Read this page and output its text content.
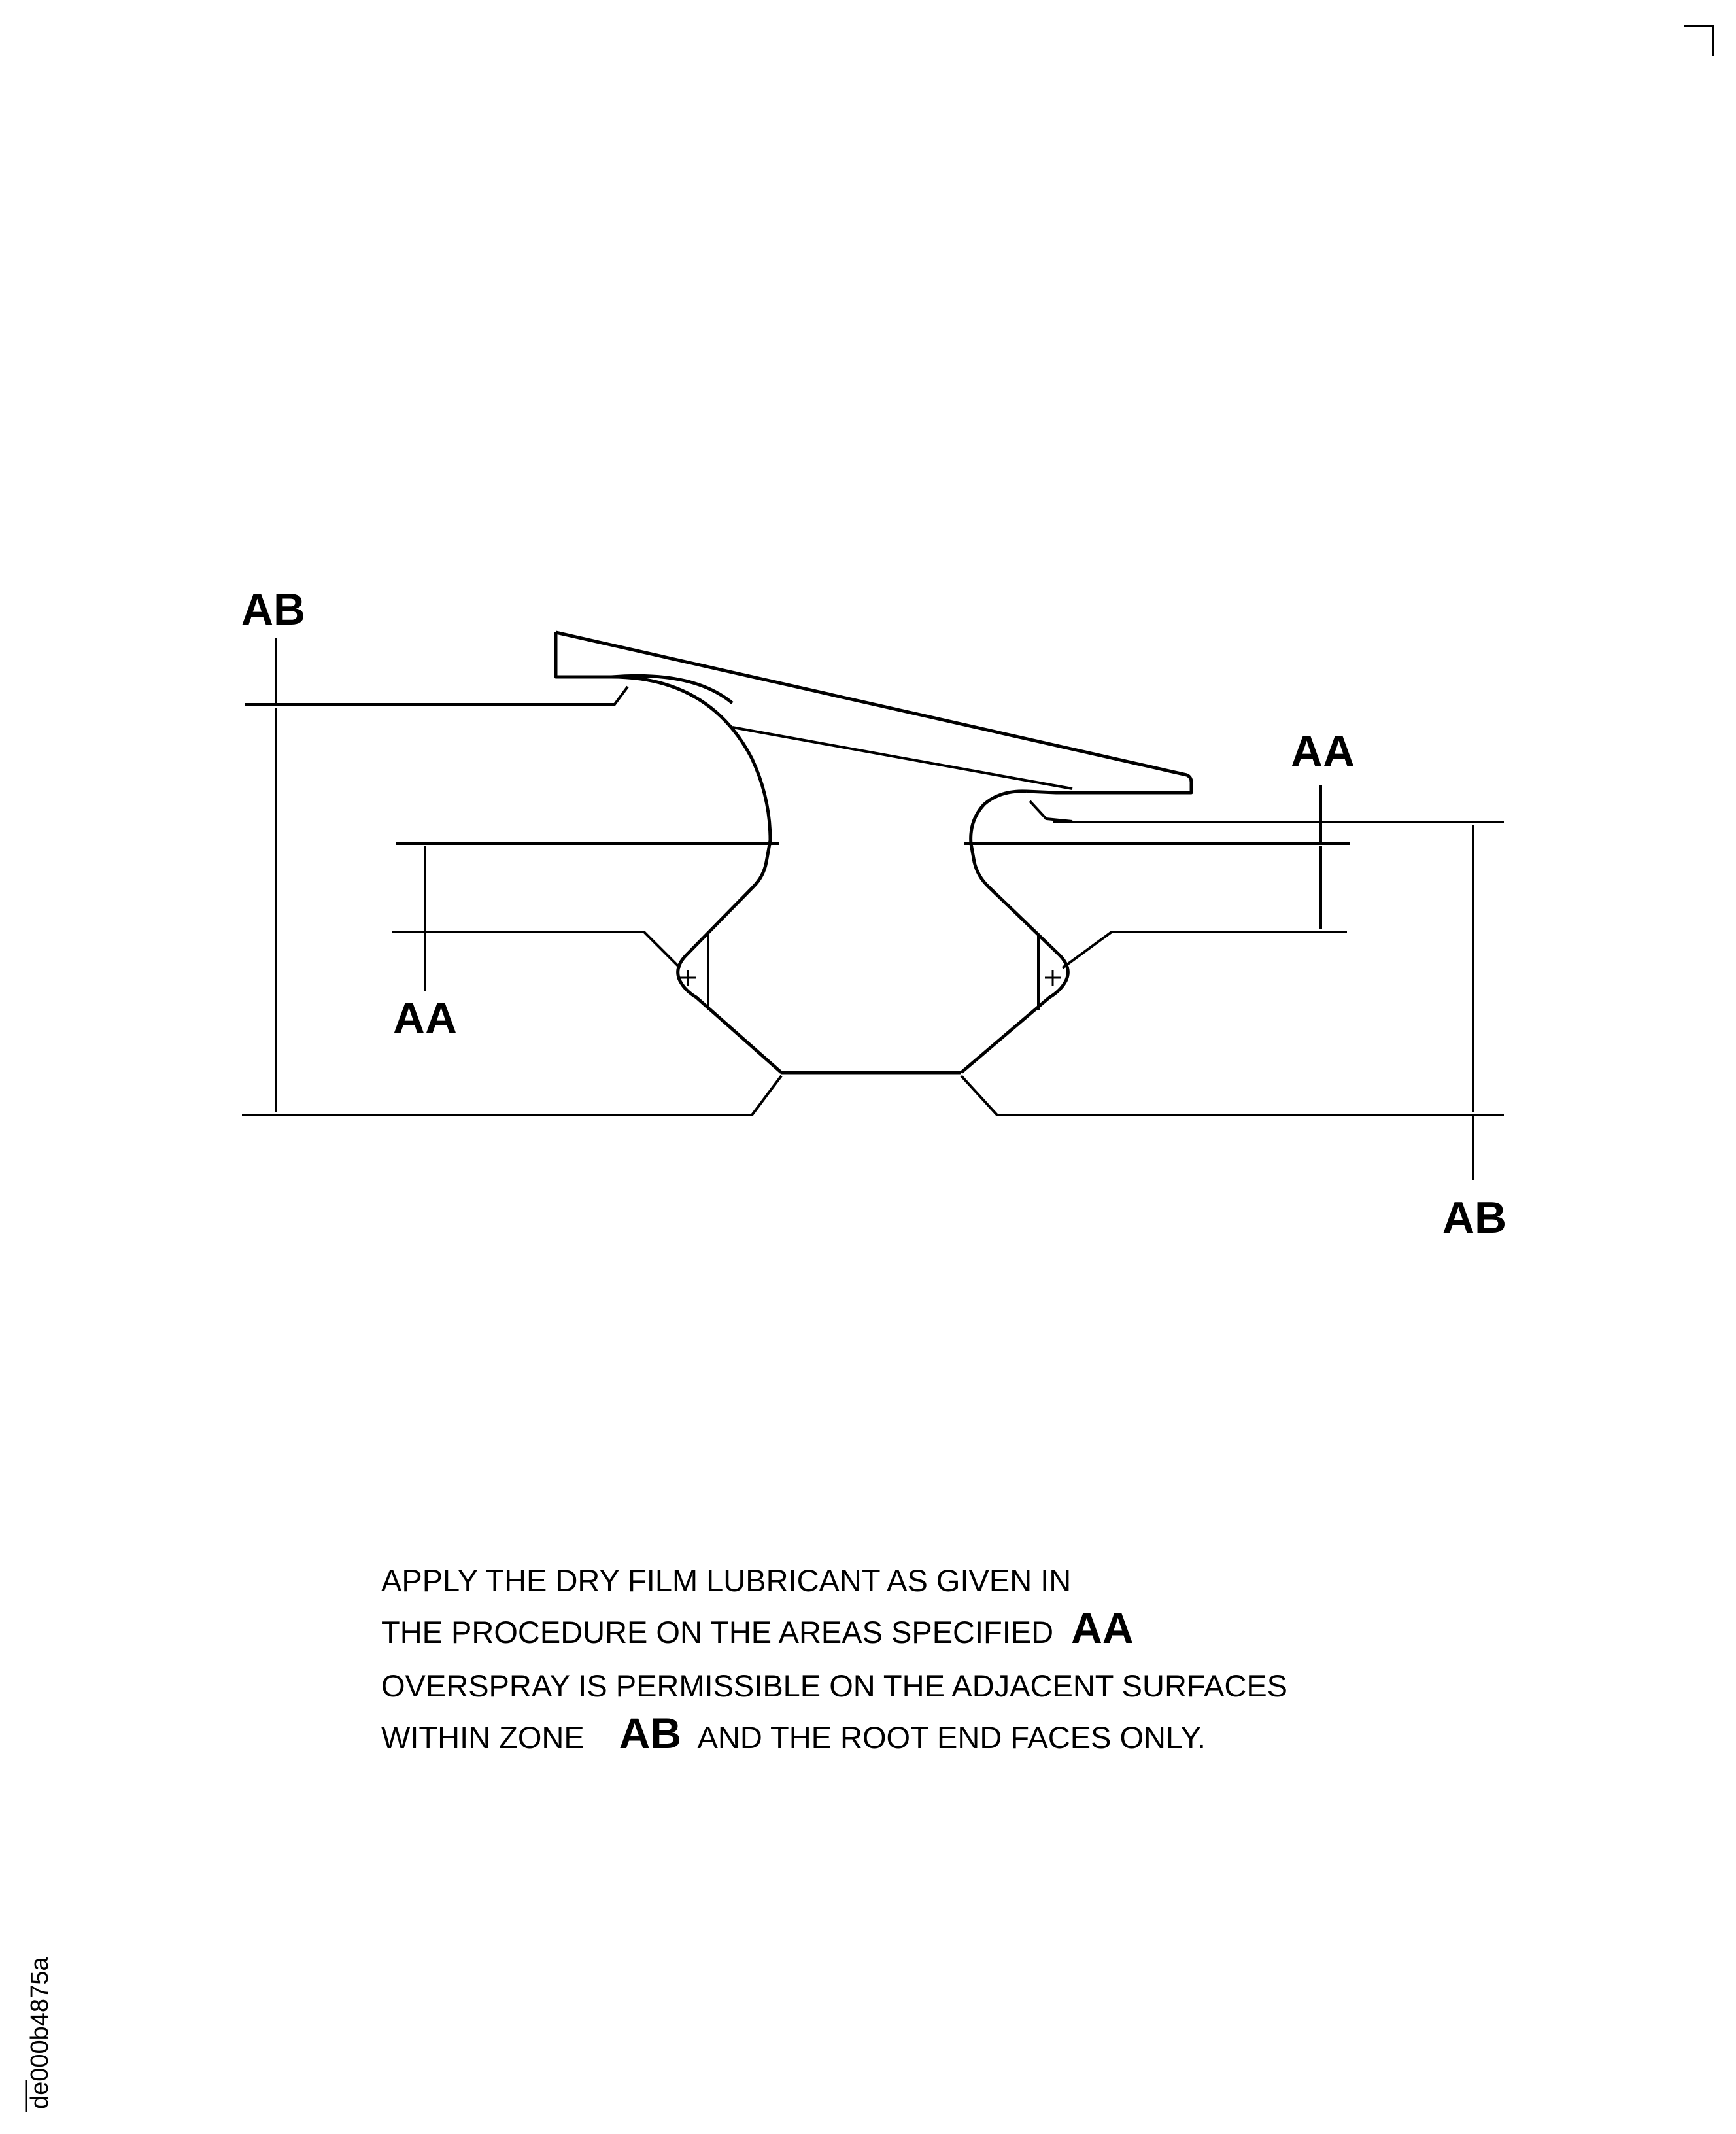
AB
AA
AA
AB
APPLY THE DRY FILM LUBRICANT AS GIVEN IN
THE PROCEDURE ON THE AREAS SPECIFIED AA
OVERSPRAY IS PERMISSIBLE ON THE ADJACENT SURFACES
WITHIN ZONE AB AND THE ROOT END FACES ONLY.
de000b4875a
